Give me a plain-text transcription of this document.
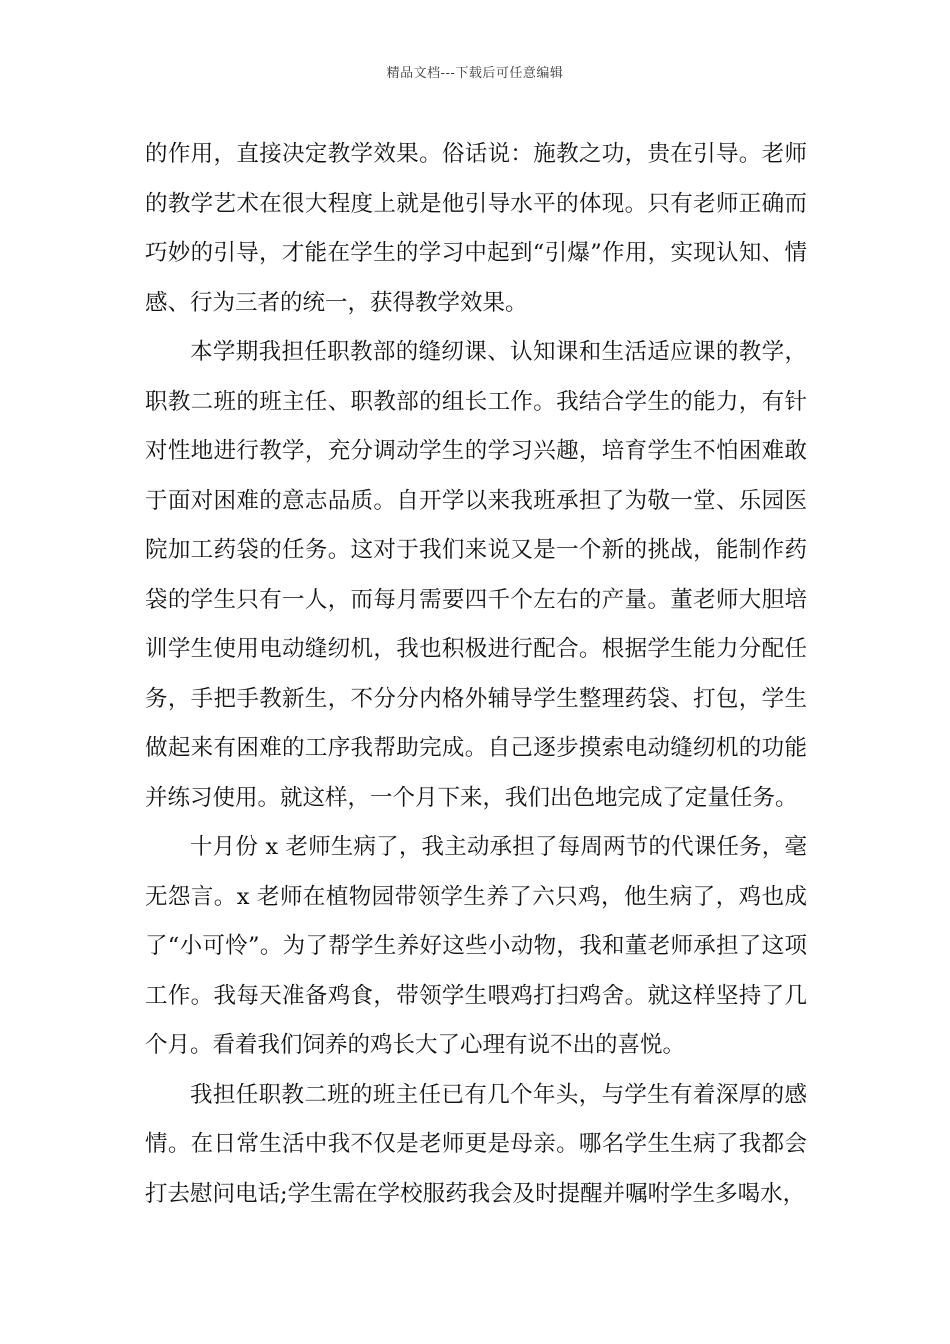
精品文档---下载后可任意编辑

的作用，直接决定教学效果。俗话说：施教之功，贵在引导。老师的教学艺术在很大程度上就是他引导水平的体现。只有老师正确而巧妙的引导，才能在学生的学习中起到“引爆”作用，实现认知、情感、行为三者的统一，获得教学效果。

本学期我担任职教部的缝纫课、认知课和生活适应课的教学，职教二班的班主任、职教部的组长工作。我结合学生的能力，有针对性地进行教学，充分调动学生的学习兴趣，培育学生不怕困难敢于面对困难的意志品质。自开学以来我班承担了为敬一堂、乐园医院加工药袋的任务。这对于我们来说又是一个新的挑战，能制作药袋的学生只有一人，而每月需要四千个左右的产量。董老师大胆培训学生使用电动缝纫机，我也积极进行配合。根据学生能力分配任务，手把手教新生，不分分内格外辅导学生整理药袋、打包，学生做起来有困难的工序我帮助完成。自己逐步摸索电动缝纫机的功能并练习使用。就这样，一个月下来，我们出色地完成了定量任务。

十月份 x 老师生病了，我主动承担了每周两节的代课任务，毫无怨言。x 老师在植物园带领学生养了六只鸡，他生病了，鸡也成了“小可怜”。为了帮学生养好这些小动物，我和董老师承担了这项工作。我每天准备鸡食，带领学生喂鸡打扫鸡舍。就这样坚持了几个月。看着我们饲养的鸡长大了心理有说不出的喜悦。

我担任职教二班的班主任已有几个年头，与学生有着深厚的感情。在日常生活中我不仅是老师更是母亲。哪名学生生病了我都会打去慰问电话;学生需在学校服药我会及时提醒并嘱咐学生多喝水，
